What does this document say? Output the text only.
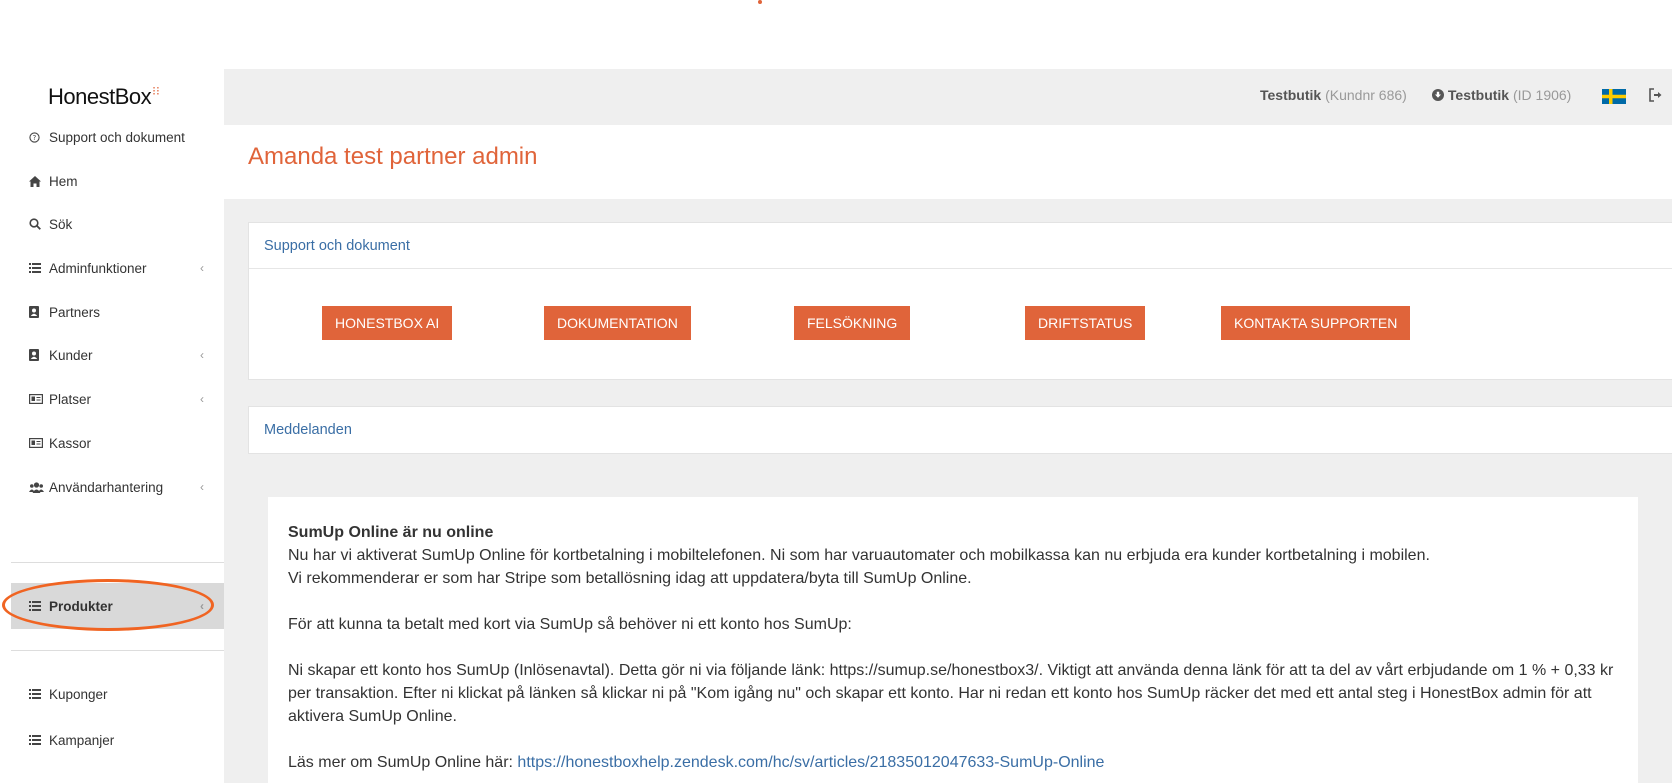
HonestBox⁝⁝
? Support och dokument
Hem
Sök
Adminfunktioner	‹
Partners
Kunder	‹
Platser	‹
Kassor
Användarhantering	‹
Produkter	‹
Kuponger
Kampanjer
Testbutik (Kundnr 686)	Testbutik (ID 1906)
Amanda test partner admin
Support och dokument
HONESTBOX AI	DOKUMENTATION	FELSÖKNING	DRIFTSTATUS	KONTAKTA SUPPORTEN
Meddelanden

SumUp Online är nu online

Nu har vi aktiverat SumUp Online för kortbetalning i mobiltelefonen. Ni som har varuautomater och mobilkassa kan nu erbjuda era kunder kortbetalning i mobilen.

Vi rekommenderar er som har Stripe som betallösning idag att uppdatera/byta till SumUp Online.

För att kunna ta betalt med kort via SumUp så behöver ni ett konto hos SumUp:

Ni skapar ett konto hos SumUp (Inlösenavtal). Detta gör ni via följande länk: https://sumup.se/honestbox3/. Viktigt att använda denna länk för att ta del av vårt erbjudande om 1 % + 0,33 kr per transaktion. Efter ni klickat på länken så klickar ni på "Kom igång nu" och skapar ett konto. Har ni redan ett konto hos SumUp räcker det med ett antal steg i HonestBox admin för att aktivera SumUp Online.

Läs mer om SumUp Online här: https://honestboxhelp.zendesk.com/hc/sv/articles/21835012047633-SumUp-Online
